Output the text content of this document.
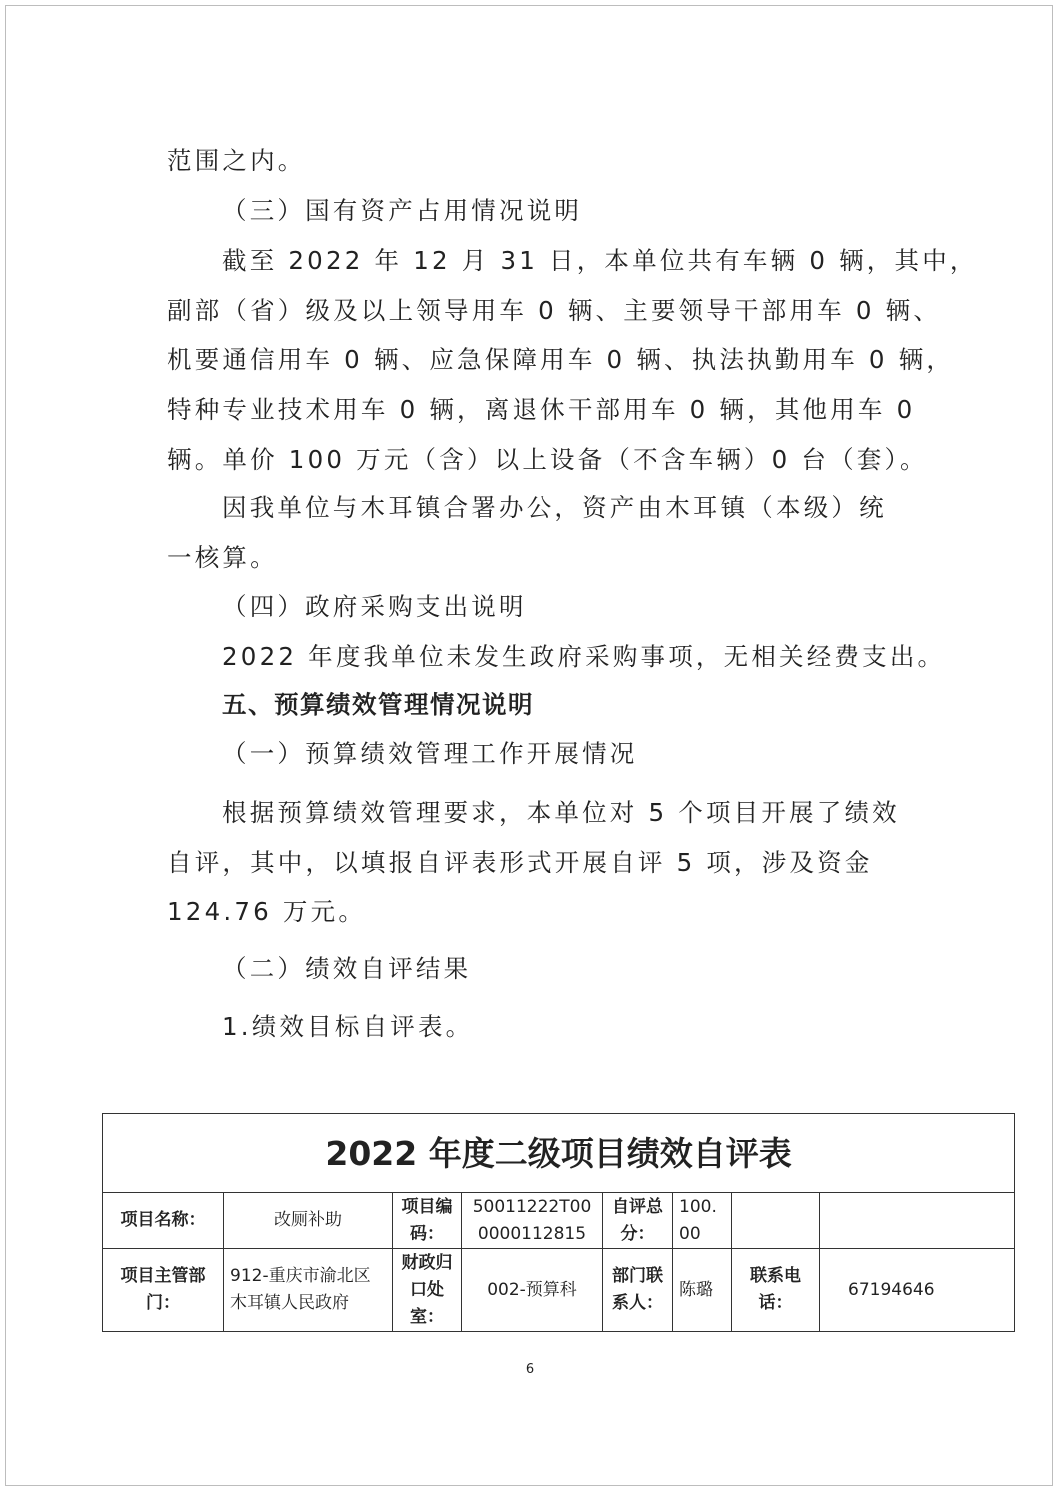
范围之内。
（三）国有资产占用情况说明
截至 2022 年 12 月 31 日，本单位共有车辆 0 辆，其中，
副部（省）级及以上领导用车 0 辆、主要领导干部用车 0 辆、
机要通信用车 0 辆、应急保障用车 0 辆、执法执勤用车 0 辆，
特种专业技术用车 0 辆，离退休干部用车 0 辆，其他用车 0
辆。单价 100 万元（含）以上设备（不含车辆）0 台（套）。
因我单位与木耳镇合署办公，资产由木耳镇（本级）统
一核算。
（四）政府采购支出说明
2022 年度我单位未发生政府采购事项，无相关经费支出。
五、预算绩效管理情况说明
（一）预算绩效管理工作开展情况
根据预算绩效管理要求，本单位对 5 个项目开展了绩效
自评，其中，以填报自评表形式开展自评 5 项，涉及资金
124.76 万元。
（二）绩效自评结果
1.绩效目标自评表。
2022 年度二级项目绩效自评表							
项目名称：	改厕补助	项目编码：	50011222T000000112815	自评总分：	100.00		
项目主管部门：	912-重庆市渝北区木耳镇人民政府	财政归口处室：	002-预算科	部门联系人：	陈璐	联系电话：	67194646
6
